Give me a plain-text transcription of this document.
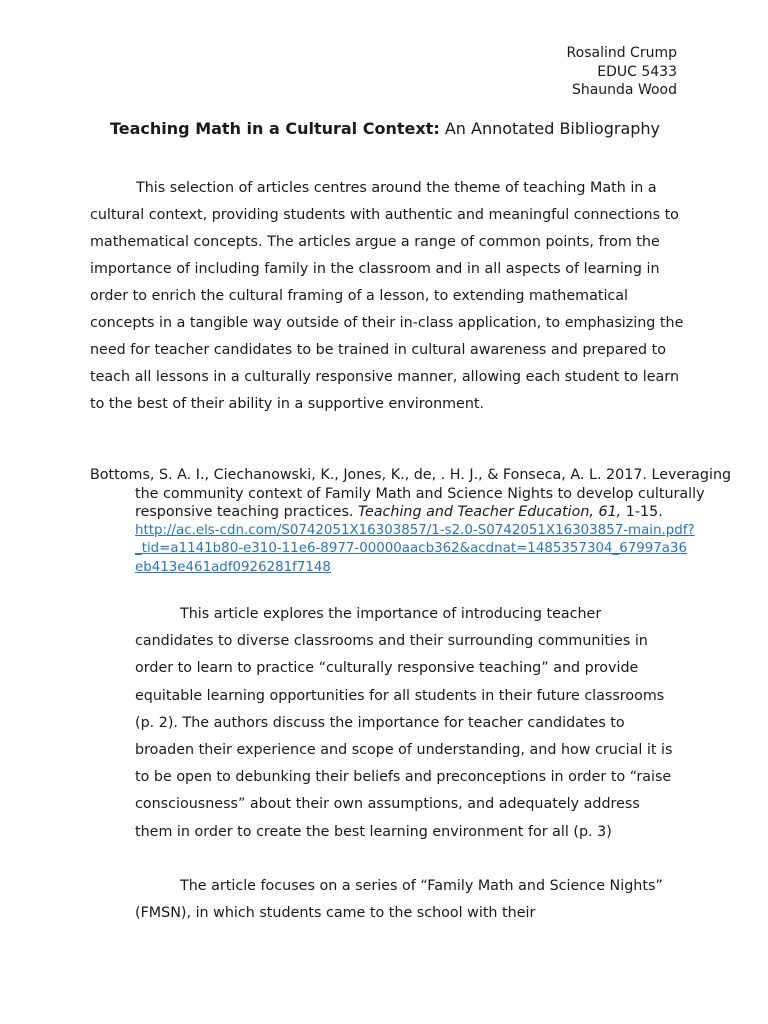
Rosalind Crump
EDUC 5433
Shaunda Wood
Teaching Math in a Cultural Context: An Annotated Bibliography

This selection of articles centres around the theme of teaching Math in a cultural context, providing students with authentic and meaningful connections to mathematical concepts. The articles argue a range of common points, from the importance of including family in the classroom and in all aspects of learning in order to enrich the cultural framing of a lesson, to extending mathematical concepts in a tangible way outside of their in-class application, to emphasizing the need for teacher candidates to be trained in cultural awareness and prepared to teach all lessons in a culturally responsive manner, allowing each student to learn to the best of their ability in a supportive environment.

Bottoms, S. A. I., Ciechanowski, K., Jones, K., de, . H. J., & Fonseca, A. L. 2017. Leveraging the community context of Family Math and Science Nights to develop culturally responsive teaching practices. Teaching and Teacher Education, 61, 1-15.
http://ac.els-cdn.com/S0742051X16303857/1-s2.0-S0742051X16303857-main.pdf?_tid=a1141b80-e310-11e6-8977-00000aacb362&acdnat=1485357304_67997a36eb413e461adf0926281f7148

This article explores the importance of introducing teacher candidates to diverse classrooms and their surrounding communities in order to learn to practice “culturally responsive teaching” and provide equitable learning opportunities for all students in their future classrooms (p. 2). The authors discuss the importance for teacher candidates to broaden their experience and scope of understanding, and how crucial it is to be open to debunking their beliefs and preconceptions in order to “raise consciousness” about their own assumptions, and adequately address them in order to create the best learning environment for all (p. 3)

The article focuses on a series of “Family Math and Science Nights” (FMSN), in which students came to the school with their
